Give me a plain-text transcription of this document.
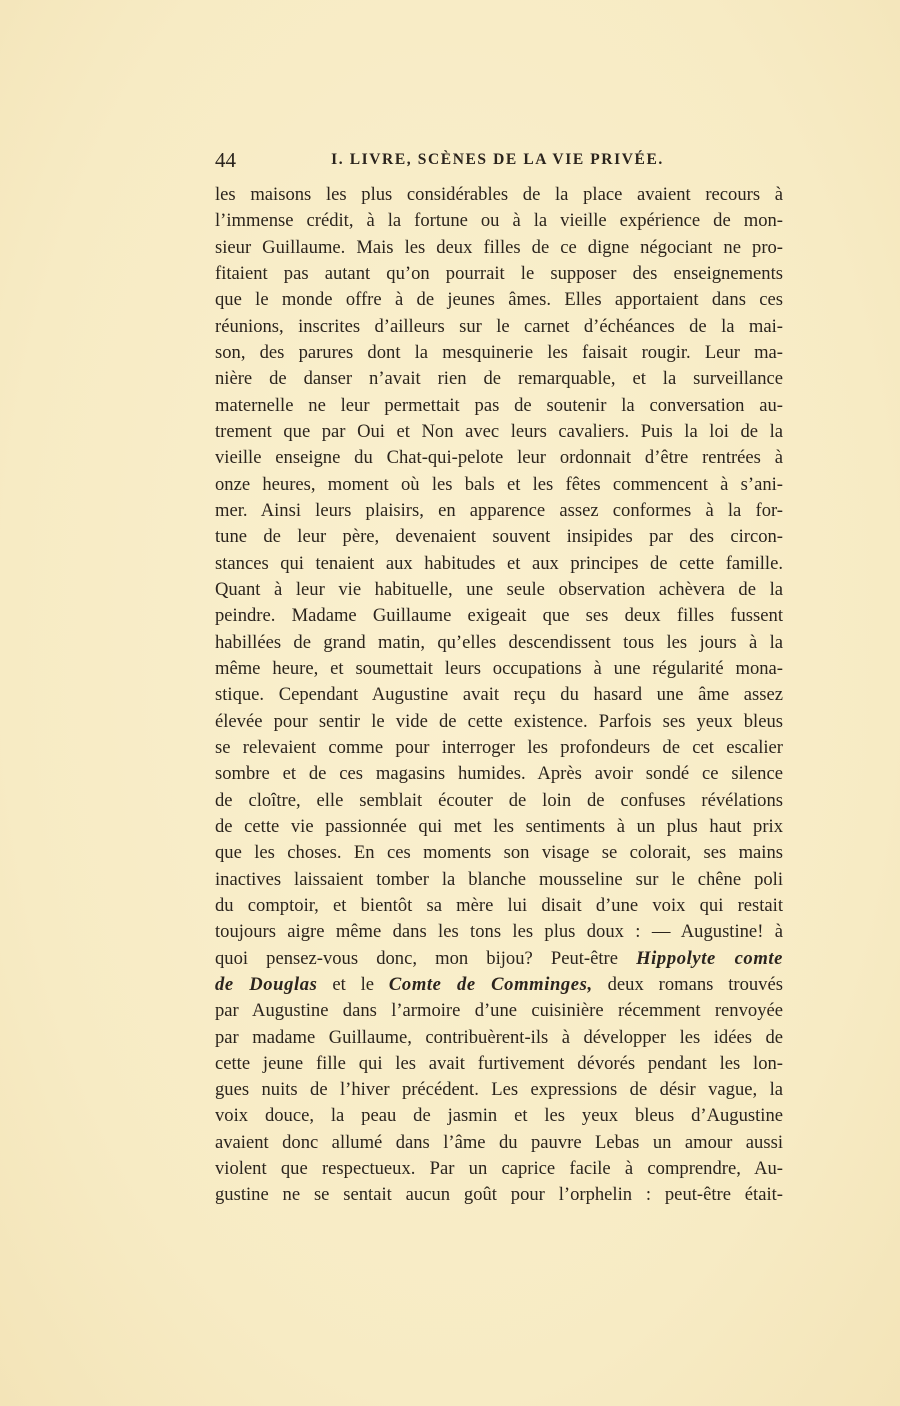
44	I. LIVRE, SCÈNES DE LA VIE PRIVÉE.
les maisons les plus considérables de la place avaient recours à
l’immense crédit, à la fortune ou à la vieille expérience de mon-
sieur Guillaume. Mais les deux filles de ce digne négociant ne pro-
fitaient pas autant qu’on pourrait le supposer des enseignements
que le monde offre à de jeunes âmes. Elles apportaient dans ces
réunions, inscrites d’ailleurs sur le carnet d’échéances de la mai-
son, des parures dont la mesquinerie les faisait rougir. Leur ma-
nière de danser n’avait rien de remarquable, et la surveillance
maternelle ne leur permettait pas de soutenir la conversation au-
trement que par Oui et Non avec leurs cavaliers. Puis la loi de la
vieille enseigne du Chat-qui-pelote leur ordonnait d’être rentrées à
onze heures, moment où les bals et les fêtes commencent à s’ani-
mer. Ainsi leurs plaisirs, en apparence assez conformes à la for-
tune de leur père, devenaient souvent insipides par des circon-
stances qui tenaient aux habitudes et aux principes de cette famille.
Quant à leur vie habituelle, une seule observation achèvera de la
peindre. Madame Guillaume exigeait que ses deux filles fussent
habillées de grand matin, qu’elles descendissent tous les jours à la
même heure, et soumettait leurs occupations à une régularité mona-
stique. Cependant Augustine avait reçu du hasard une âme assez
élevée pour sentir le vide de cette existence. Parfois ses yeux bleus
se relevaient comme pour interroger les profondeurs de cet escalier
sombre et de ces magasins humides. Après avoir sondé ce silence
de cloître, elle semblait écouter de loin de confuses révélations
de cette vie passionnée qui met les sentiments à un plus haut prix
que les choses. En ces moments son visage se colorait, ses mains
inactives laissaient tomber la blanche mousseline sur le chêne poli
du comptoir, et bientôt sa mère lui disait d’une voix qui restait
toujours aigre même dans les tons les plus doux : — Augustine! à
quoi pensez-vous donc, mon bijou? Peut-être Hippolyte comte
de Douglas et le Comte de Comminges, deux romans trouvés
par Augustine dans l’armoire d’une cuisinière récemment renvoyée
par madame Guillaume, contribuèrent-ils à développer les idées de
cette jeune fille qui les avait furtivement dévorés pendant les lon-
gues nuits de l’hiver précédent. Les expressions de désir vague, la
voix douce, la peau de jasmin et les yeux bleus d’Augustine
avaient donc allumé dans l’âme du pauvre Lebas un amour aussi
violent que respectueux. Par un caprice facile à comprendre, Au-
gustine ne se sentait aucun goût pour l’orphelin : peut-être était-
